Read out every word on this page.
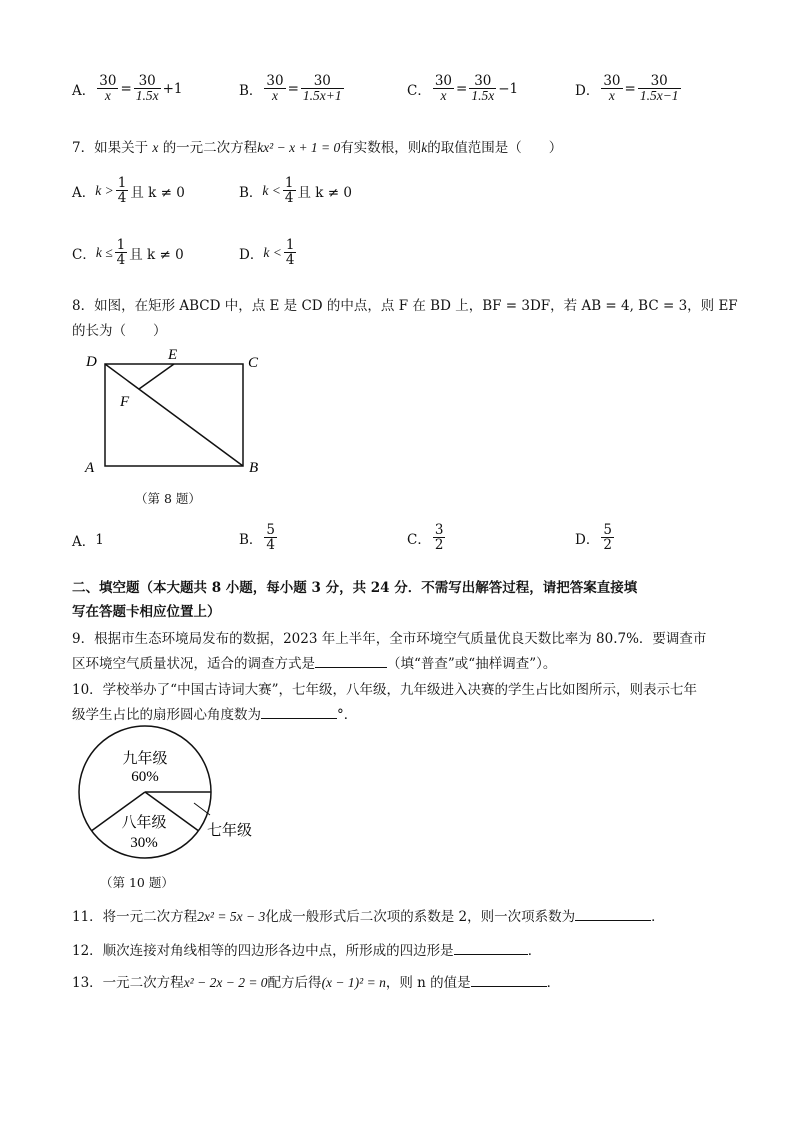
A． $\frac{30}{x} = \frac{30}{1.5x} +1$	B． $\frac{30}{x} = \frac{30}{1.5x+1}$	C． $\frac{30}{x} = \frac{30}{1.5x} -1$	D． $\frac{30}{x} = \frac{30}{1.5x-1}$
7．如果关于 x 的一元二次方程kx² − x + 1 = 0有实数根，则k的取值范围是（　　）
A． $k > \frac{1}{4}$ 且 k ≠ 0	B． $k < \frac{1}{4}$ 且 k ≠ 0
C． $k \le \frac{1}{4}$ 且 k ≠ 0	D． $k < \frac{1}{4}$
8．如图，在矩形 ABCD 中，点 E 是 CD 的中点，点 F 在 BD 上，BF = 3DF，若 AB = 4, BC = 3，则 EF
的长为（　　）
D	E	C
F
A	B
（第 8 题）
A． 1	B． $\frac{5}{4}$	C． $\frac{3}{2}$	D． $\frac{5}{2}$
二、填空题（本大题共 8 小题，每小题 3 分，共 24 分．不需写出解答过程，请把答案直接填
写在答题卡相应位置上）
9．根据市生态环境局发布的数据，2023 年上半年，全市环境空气质量优良天数比率为 80.7%．要调查市
区环境空气质量状况，适合的调查方式是	（填“普查”或“抽样调查”）。
10．学校举办了“中国古诗词大赛”，七年级，八年级，九年级进入决赛的学生占比如图所示，则表示七年
级学生占比的扇形圆心角度数为	°．
九年级
60%
八年级
30%
七年级
（第 10 题）
11．将一元二次方程2x² = 5x − 3化成一般形式后二次项的系数是 2，则一次项系数为	．
12．顺次连接对角线相等的四边形各边中点，所形成的四边形是	．
13．一元二次方程x² − 2x − 2 = 0配方后得(x − 1)² = n，则 n 的值是	．
